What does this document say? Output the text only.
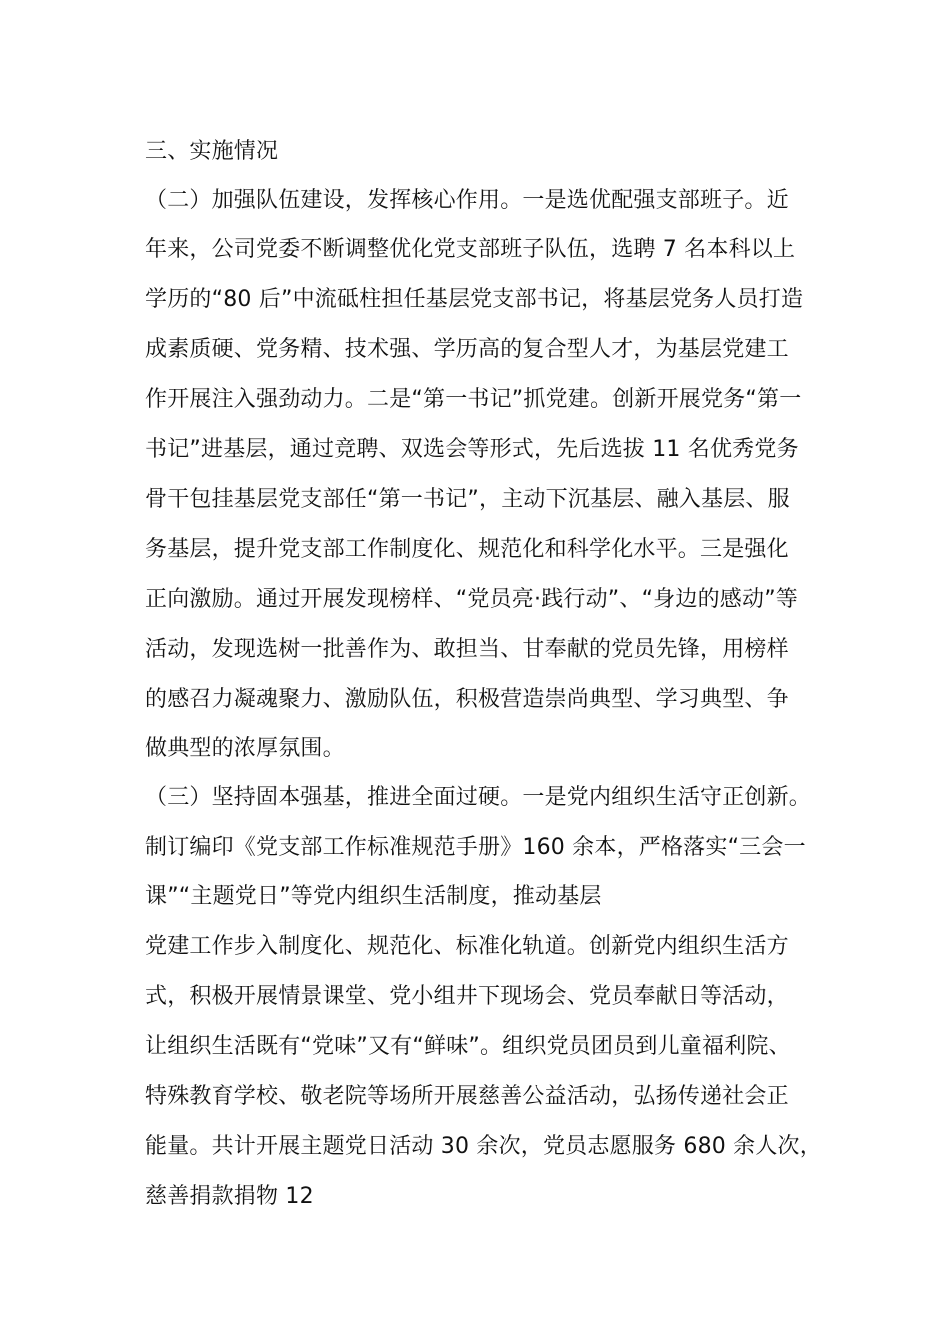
三、实施情况
（二）加强队伍建设，发挥核心作用。一是选优配强支部班子。近
年来，公司党委不断调整优化党支部班子队伍，选聘 7 名本科以上
学历的“80 后”中流砥柱担任基层党支部书记，将基层党务人员打造
成素质硬、党务精、技术强、学历高的复合型人才，为基层党建工
作开展注入强劲动力。二是“第一书记”抓党建。创新开展党务“第一
书记”进基层，通过竞聘、双选会等形式，先后选拔 11 名优秀党务
骨干包挂基层党支部任“第一书记”，主动下沉基层、融入基层、服
务基层，提升党支部工作制度化、规范化和科学化水平。三是强化
正向激励。通过开展发现榜样、“党员亮·践行动”、“身边的感动”等
活动，发现选树一批善作为、敢担当、甘奉献的党员先锋，用榜样
的感召力凝魂聚力、激励队伍，积极营造崇尚典型、学习典型、争
做典型的浓厚氛围。
（三）坚持固本强基，推进全面过硬。一是党内组织生活守正创新。
制订编印《党支部工作标准规范手册》160 余本，严格落实“三会一
课”“主题党日”等党内组织生活制度，推动基层
党建工作步入制度化、规范化、标准化轨道。创新党内组织生活方
式，积极开展情景课堂、党小组井下现场会、党员奉献日等活动，
让组织生活既有“党味”又有“鲜味”。组织党员团员到儿童福利院、
特殊教育学校、敬老院等场所开展慈善公益活动，弘扬传递社会正
能量。共计开展主题党日活动 30 余次，党员志愿服务 680 余人次，
慈善捐款捐物 12
